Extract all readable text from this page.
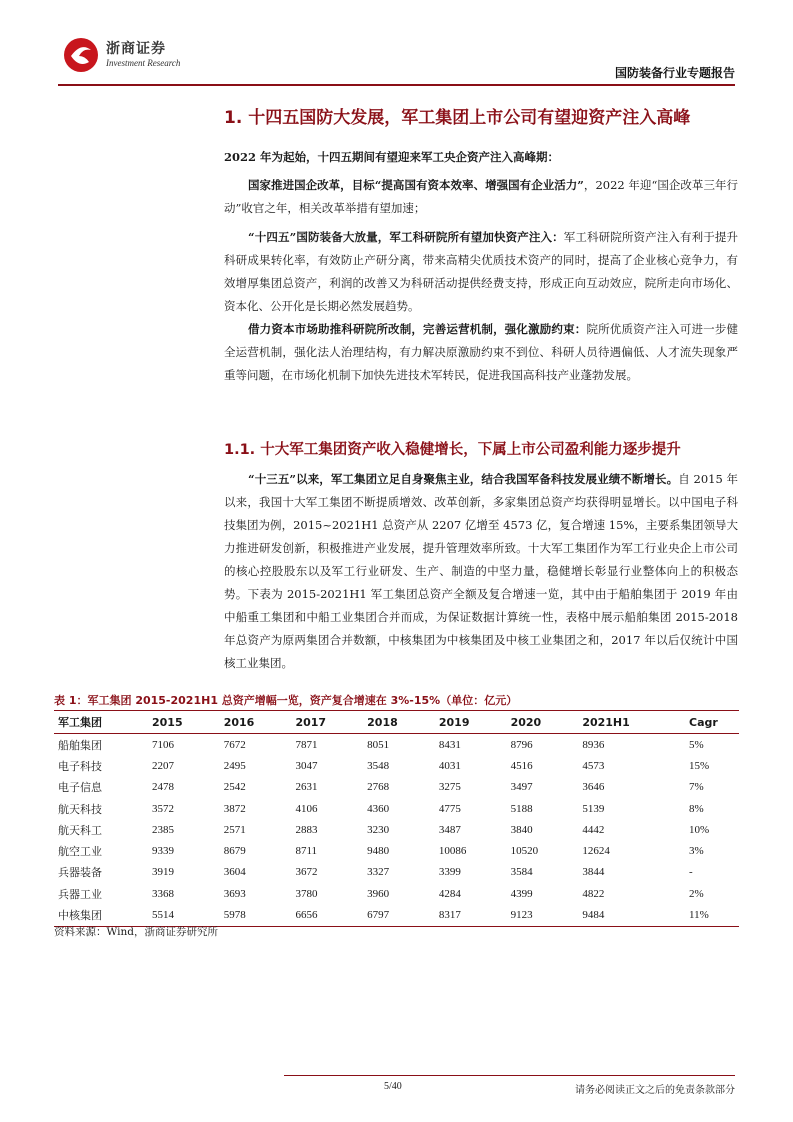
浙商证券
Investment Research
国防装备行业专题报告
1. 十四五国防大发展，军工集团上市公司有望迎资产注入高峰
2022 年为起始，十四五期间有望迎来军工央企资产注入高峰期：
国家推进国企改革，目标“提高国有资本效率、增强国有企业活力”，2022 年迎“国企改革三年行动”收官之年，相关改革举措有望加速；
“十四五”国防装备大放量，军工科研院所有望加快资产注入：军工科研院所资产注入有利于提升科研成果转化率，有效防止产研分离，带来高精尖优质技术资产的同时，提高了企业核心竞争力，有效增厚集团总资产，利润的改善又为科研活动提供经费支持，形成正向互动效应，院所走向市场化、资本化、公开化是长期必然发展趋势。
借力资本市场助推科研院所改制，完善运营机制，强化激励约束：院所优质资产注入可进一步健全运营机制，强化法人治理结构，有力解决原激励约束不到位、科研人员待遇偏低、人才流失现象严重等问题，在市场化机制下加快先进技术军转民，促进我国高科技产业蓬勃发展。
1.1. 十大军工集团资产收入稳健增长，下属上市公司盈利能力逐步提升
“十三五”以来，军工集团立足自身聚焦主业，结合我国军备科技发展业绩不断增长。自 2015 年以来，我国十大军工集团不断提质增效、改革创新，多家集团总资产均获得明显增长。以中国电子科技集团为例，2015~2021H1 总资产从 2207 亿增至 4573 亿，复合增速 15%，主要系集团领导大力推进研发创新，积极推进产业发展，提升管理效率所致。十大军工集团作为军工行业央企上市公司的核心控股股东以及军工行业研发、生产、制造的中坚力量，稳健增长彰显行业整体向上的积极态势。下表为 2015-2021H1 军工集团总资产全额及复合增速一览，其中由于船舶集团于 2019 年由中船重工集团和中船工业集团合并而成，为保证数据计算统一性，表格中展示船舶集团 2015-2018 年总资产为原两集团合并数额，中核集团为中核集团及中核工业集团之和，2017 年以后仅统计中国核工业集团。
表 1：军工集团 2015-2021H1 总资产增幅一览，资产复合增速在 3%-15%（单位：亿元）
军工集团	2015	2016	2017	2018	2019	2020	2021H1	Cagr
船舶集团	7106	7672	7871	8051	8431	8796	8936	5%
电子科技	2207	2495	3047	3548	4031	4516	4573	15%
电子信息	2478	2542	2631	2768	3275	3497	3646	7%
航天科技	3572	3872	4106	4360	4775	5188	5139	8%
航天科工	2385	2571	2883	3230	3487	3840	4442	10%
航空工业	9339	8679	8711	9480	10086	10520	12624	3%
兵器装备	3919	3604	3672	3327	3399	3584	3844	-
兵器工业	3368	3693	3780	3960	4284	4399	4822	2%
中核集团	5514	5978	6656	6797	8317	9123	9484	11%
资料来源：Wind，浙商证券研究所
5/40	请务必阅读正文之后的免责条款部分
